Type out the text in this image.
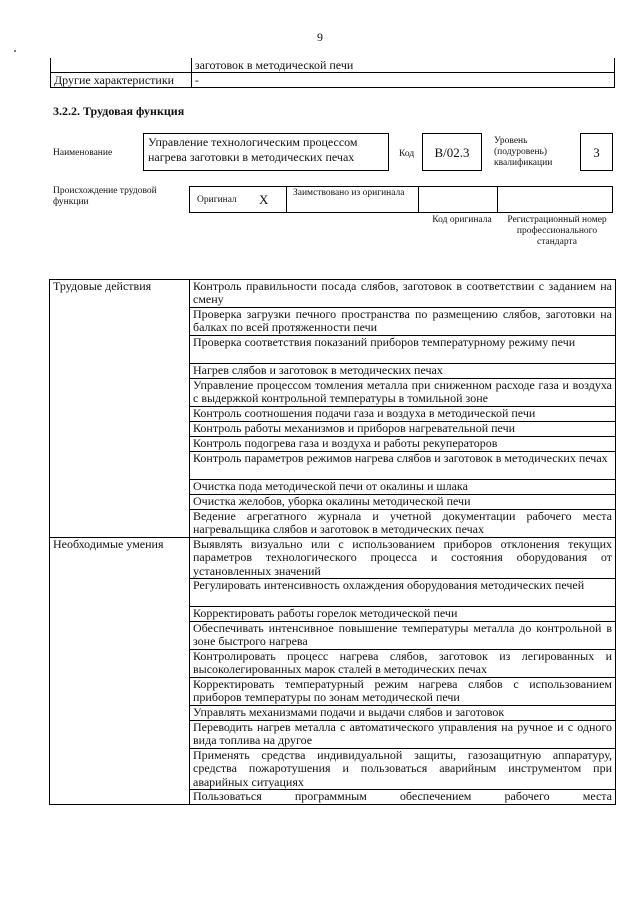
9
	заготовок в методической печи
Другие характеристики	-
3.2.2. Трудовая функция
Наименование
Управление технологическим процессом нагрева заготовки в методических печах	Код	B/02.3
Уровень (подуровень) квалификации
3
Происхождение трудовой функции	Оригинал X	Заимствовано из оригинала
Код оригинала	Регистрационный номер профессионального стандарта
Трудовые действия	Контроль правильности посада слябов, заготовок в соответствии с заданием на смену

	Проверка загрузки печного пространства по размещению слябов, заготовки на балках по всей протяженности печи

	Проверка соответствия показаний приборов температурному режиму печи

	Нагрев слябов и заготовок в методических печах

	Управление процессом томления металла при сниженном расходе газа и воздуха с выдержкой контрольной температуры в томильной зоне

	Контроль соотношения подачи газа и воздуха в методической печи

	Контроль работы механизмов и приборов нагревательной печи

	Контроль подогрева газа и воздуха и работы рекуператоров

	Контроль параметров режимов нагрева слябов и заготовок в методических печах

	Очистка пода методической печи от окалины и шлака

	Очистка желобов, уборка окалины методической печи

	Ведение агрегатного журнала и учетной документации рабочего места нагревальщика слябов и заготовок в методических печах

Необходимые умения	Выявлять визуально или с использованием приборов отклонения текущих параметров технологического процесса и состояния оборудования от установленных значений

	Регулировать интенсивность охлаждения оборудования методических печей

	Корректировать работы горелок методической печи

	Обеспечивать интенсивное повышение температуры металла до контрольной в зоне быстрого нагрева

	Контролировать процесс нагрева слябов, заготовок из легированных и высоколегированных марок сталей в методических печах

	Корректировать температурный режим нагрева слябов с использованием приборов температуры по зонам методической печи

	Управлять механизмами подачи и выдачи слябов и заготовок

	Переводить нагрев металла с автоматического управления на ручное и с одного вида топлива на другое

	Применять средства индивидуальной защиты, газозащитную аппаратуру, средства пожаротушения и пользоваться аварийным инструментом при аварийных ситуациях

	Пользоваться программным обеспечением рабочего места
